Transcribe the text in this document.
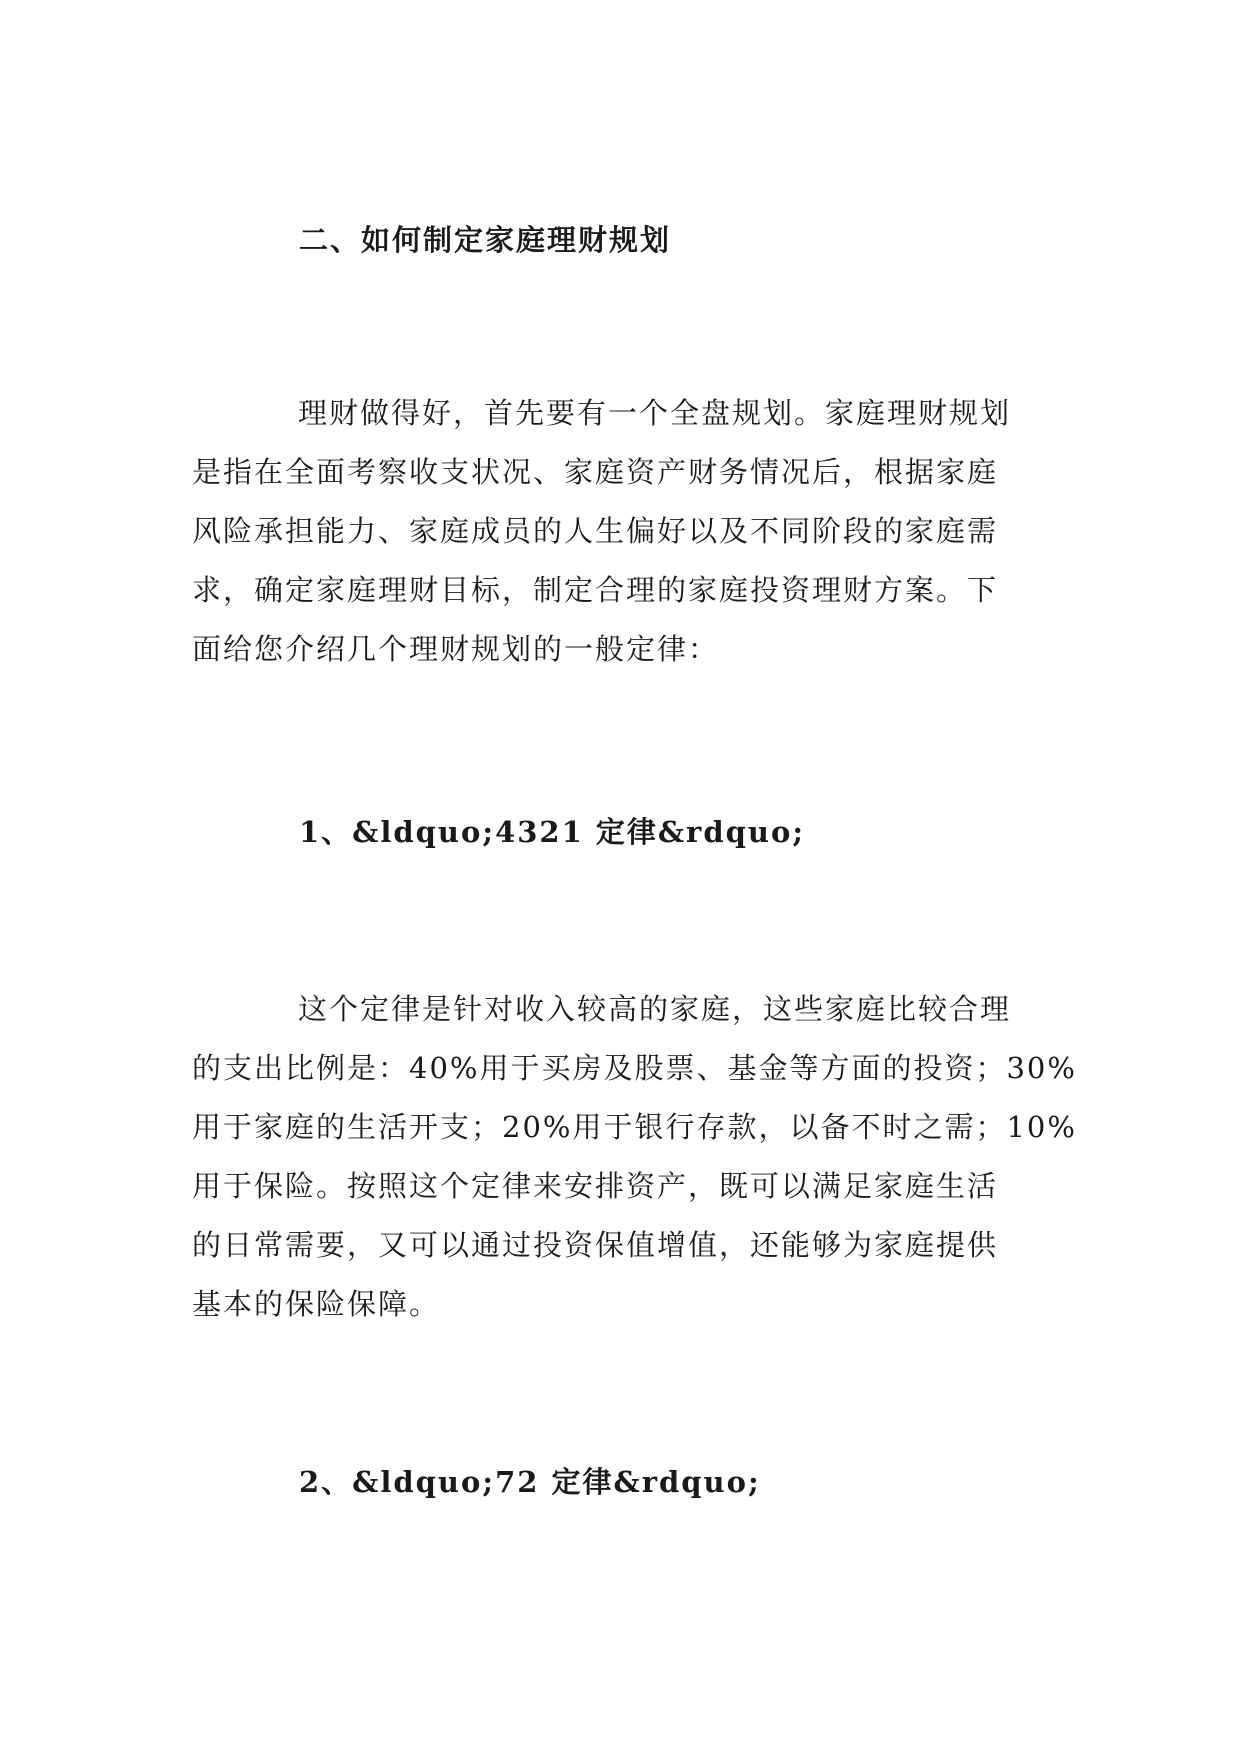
二、如何制定家庭理财规划

理财做得好，首先要有一个全盘规划。家庭理财规划
是指在全面考察收支状况、家庭资产财务情况后，根据家庭
风险承担能力、家庭成员的人生偏好以及不同阶段的家庭需
求，确定家庭理财目标，制定合理的家庭投资理财方案。下
面给您介绍几个理财规划的一般定律：

1、&ldquo;4321 定律&rdquo;

这个定律是针对收入较高的家庭，这些家庭比较合理
的支出比例是：40%用于买房及股票、基金等方面的投资；30%
用于家庭的生活开支；20%用于银行存款，以备不时之需；10%
用于保险。按照这个定律来安排资产，既可以满足家庭生活
的日常需要，又可以通过投资保值增值，还能够为家庭提供
基本的保险保障。

2、&ldquo;72 定律&rdquo;
